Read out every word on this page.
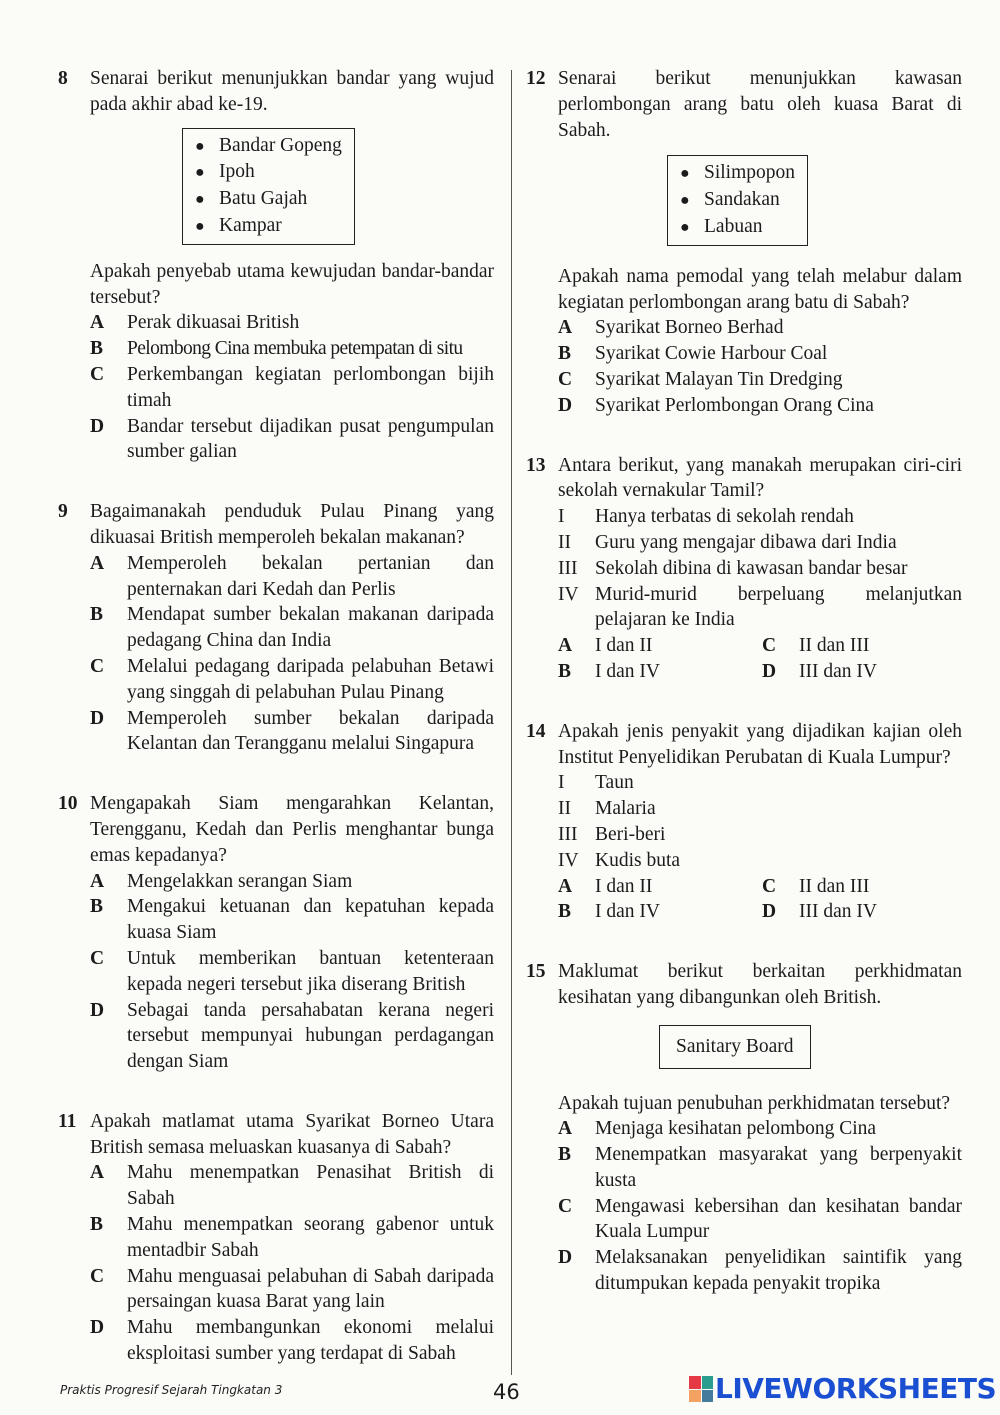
8	Senarai berikut menunjukkan bandar yang wujud pada akhir abad ke-19.
● Bandar Gopeng
● Ipoh
● Batu Gajah
● Kampar
Apakah penyebab utama kewujudan bandar-bandar tersebut?
A	Perak dikuasai British
B	Pelombong Cina membuka petempatan di situ
C	Perkembangan kegiatan perlombongan bijih timah
D	Bandar tersebut dijadikan pusat pengumpulan sumber galian
9	Bagaimanakah penduduk Pulau Pinang yang dikuasai British memperoleh bekalan makanan?
A	Memperoleh bekalan pertanian dan penternakan dari Kedah dan Perlis
B	Mendapat sumber bekalan makanan daripada pedagang China dan India
C	Melalui pedagang daripada pelabuhan Betawi yang singgah di pelabuhan Pulau Pinang
D	Memperoleh sumber bekalan daripada Kelantan dan Terangganu melalui Singapura
10 Mengapakah Siam mengarahkan Kelantan, Terengganu, Kedah dan Perlis menghantar bunga emas kepadanya?
A	Mengelakkan serangan Siam
B	Mengakui ketuanan dan kepatuhan kepada kuasa Siam
C	Untuk memberikan bantuan ketenteraan kepada negeri tersebut jika diserang British
D	Sebagai tanda persahabatan kerana negeri tersebut mempunyai hubungan perdagangan dengan Siam
11 Apakah matlamat utama Syarikat Borneo Utara British semasa meluaskan kuasanya di Sabah?
A	Mahu menempatkan Penasihat British di Sabah
B	Mahu menempatkan seorang gabenor untuk mentadbir Sabah
C	Mahu menguasai pelabuhan di Sabah daripada persaingan kuasa Barat yang lain
D	Mahu membangunkan ekonomi melalui eksploitasi sumber yang terdapat di Sabah
12 Senarai berikut menunjukkan kawasan perlombongan arang batu oleh kuasa Barat di Sabah.
● Silimpopon
● Sandakan
● Labuan
Apakah nama pemodal yang telah melabur dalam kegiatan perlombongan arang batu di Sabah?
A	Syarikat Borneo Berhad
B	Syarikat Cowie Harbour Coal
C	Syarikat Malayan Tin Dredging
D	Syarikat Perlombongan Orang Cina
13 Antara berikut, yang manakah merupakan ciri-ciri sekolah vernakular Tamil?
I	Hanya terbatas di sekolah rendah
II	Guru yang mengajar dibawa dari India
III Sekolah dibina di kawasan bandar besar
IV Murid-murid berpeluang melanjutkan pelajaran ke India
A	I dan II	C	II dan III
B	I dan IV	D	III dan IV
14 Apakah jenis penyakit yang dijadikan kajian oleh Institut Penyelidikan Perubatan di Kuala Lumpur?
I	Taun
II	Malaria
III Beri-beri
IV Kudis buta
A	I dan II	C	II dan III
B	I dan IV	D	III dan IV
15 Maklumat berikut berkaitan perkhidmatan kesihatan yang dibangunkan oleh British.
Sanitary Board
Apakah tujuan penubuhan perkhidmatan tersebut?
A	Menjaga kesihatan pelombong Cina
B	Menempatkan masyarakat yang berpenyakit kusta
C	Mengawasi kebersihan dan kesihatan bandar Kuala Lumpur
D	Melaksanakan penyelidikan saintifik yang ditumpukan kepada penyakit tropika
Praktis Progresif Sejarah Tingkatan 3	46	LIVEWORKSHEETS
